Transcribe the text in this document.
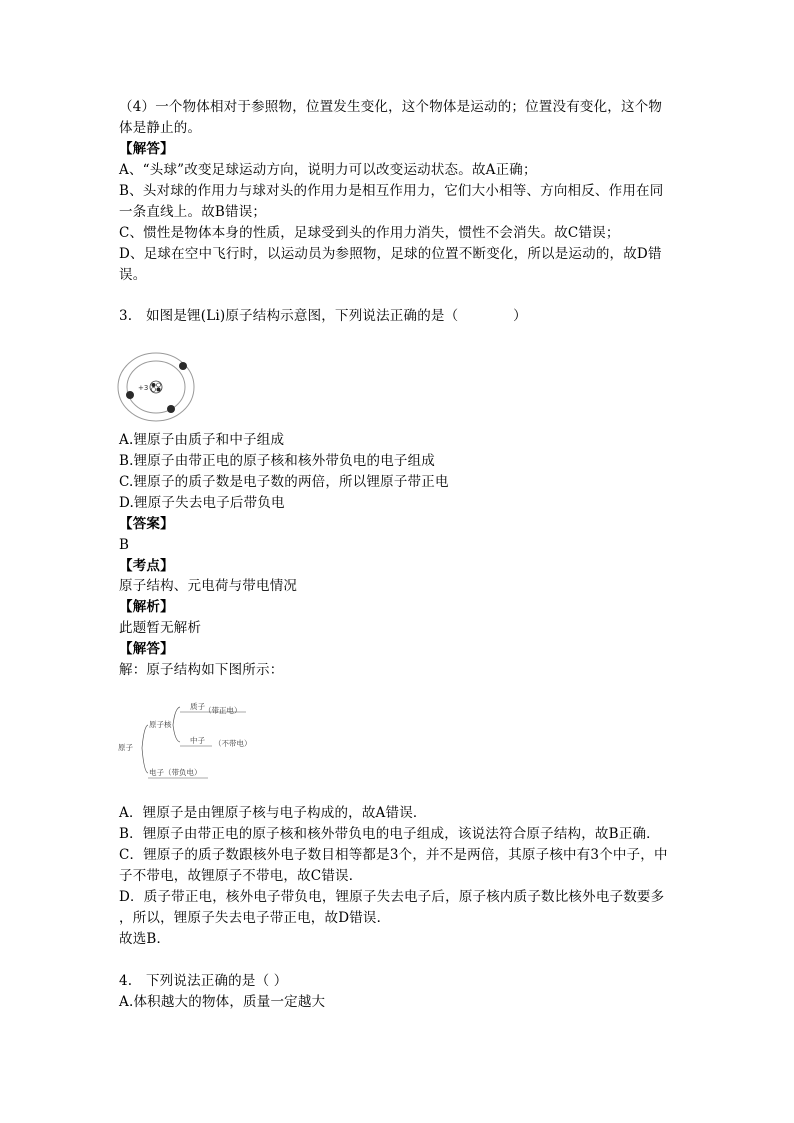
（4）一个物体相对于参照物，位置发生变化，这个物体是运动的；位置没有变化，这个物
体是静止的。
【解答】
A、“头球”改变足球运动方向，说明力可以改变运动状态。故A正确；
B、头对球的作用力与球对头的作用力是相互作用力，它们大小相等、方向相反、作用在同
一条直线上。故B错误；
C、惯性是物体本身的性质，足球受到头的作用力消失，惯性不会消失。故C错误；
D、足球在空中飞行时，以运动员为参照物，足球的位置不断变化，所以是运动的，故D错
误。
3.　如图是锂(Li)原子结构示意图，下列说法正确的是（　　　　）
+3
A.锂原子由质子和中子组成
B.锂原子由带正电的原子核和核外带负电的电子组成
C.锂原子的质子数是电子数的两倍，所以锂原子带正电
D.锂原子失去电子后带负电
【答案】
B
【考点】
原子结构、元电荷与带电情况
【解析】
此题暂无解析
【解答】
解：原子结构如下图所示：
原子
原子核
质子 （带正电）
中子 （不带电）
电子（带负电）
A．锂原子是由锂原子核与电子构成的，故A错误．
B．锂原子由带正电的原子核和核外带负电的电子组成，该说法符合原子结构，故B正确．
C．锂原子的质子数跟核外电子数目相等都是3个，并不是两倍，其原子核中有3个中子，中
子不带电，故锂原子不带电，故C错误．
D．质子带正电，核外电子带负电，锂原子失去电子后，原子核内质子数比核外电子数要多
，所以，锂原子失去电子带正电，故D错误．
故选B．
4.　下列说法正确的是（ ）
A.体积越大的物体，质量一定越大
